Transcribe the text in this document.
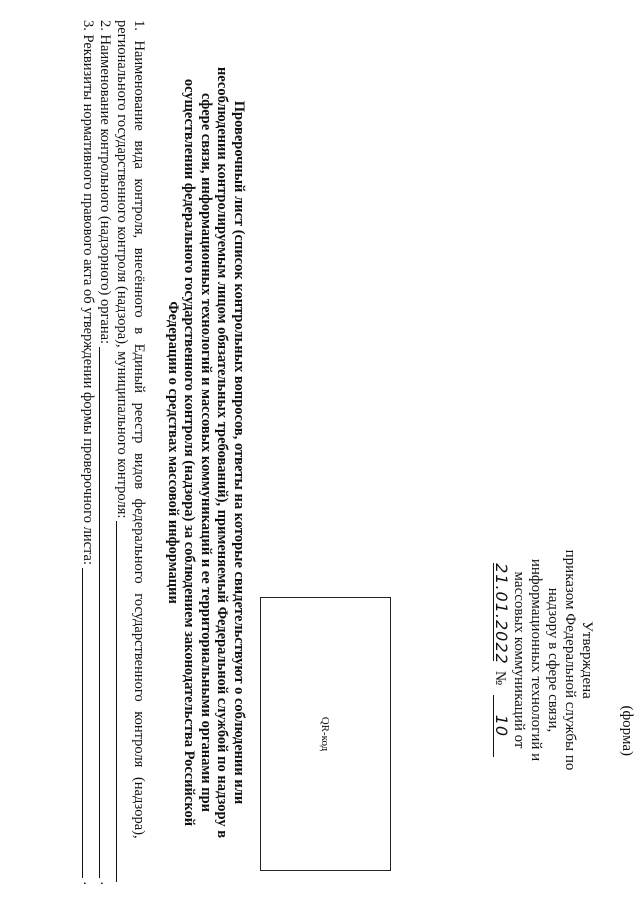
Утверждена
приказом Федеральной службы по
надзору в сфере связи,
информационных технологий и
массовых коммуникаций от
21.01.2022 № 10	(форма)
QR-код
Проверочный лист (список контрольных вопросов, ответы на которые свидетельствуют о соблюдении или
несоблюдении контролируемым лицом обязательных требований), применяемый Федеральной службой по надзору в
сфере связи, информационных технологий и массовых коммуникаций и ее территориальными органами при
осуществлении федерального государственного контроля (надзора) за соблюдением законодательства Российской
Федерации о средствах массовой информации
1. Наименование вида контроля, внесённого в Единый реестр видов федерального государственного контроля (надзора),
регионального государственного контроля (надзора), муниципального контроля:
2. Наименование контрольного (надзорного) органа:
.
3. Реквизиты нормативного правового акта об утверждении формы проверочного листа:
.
